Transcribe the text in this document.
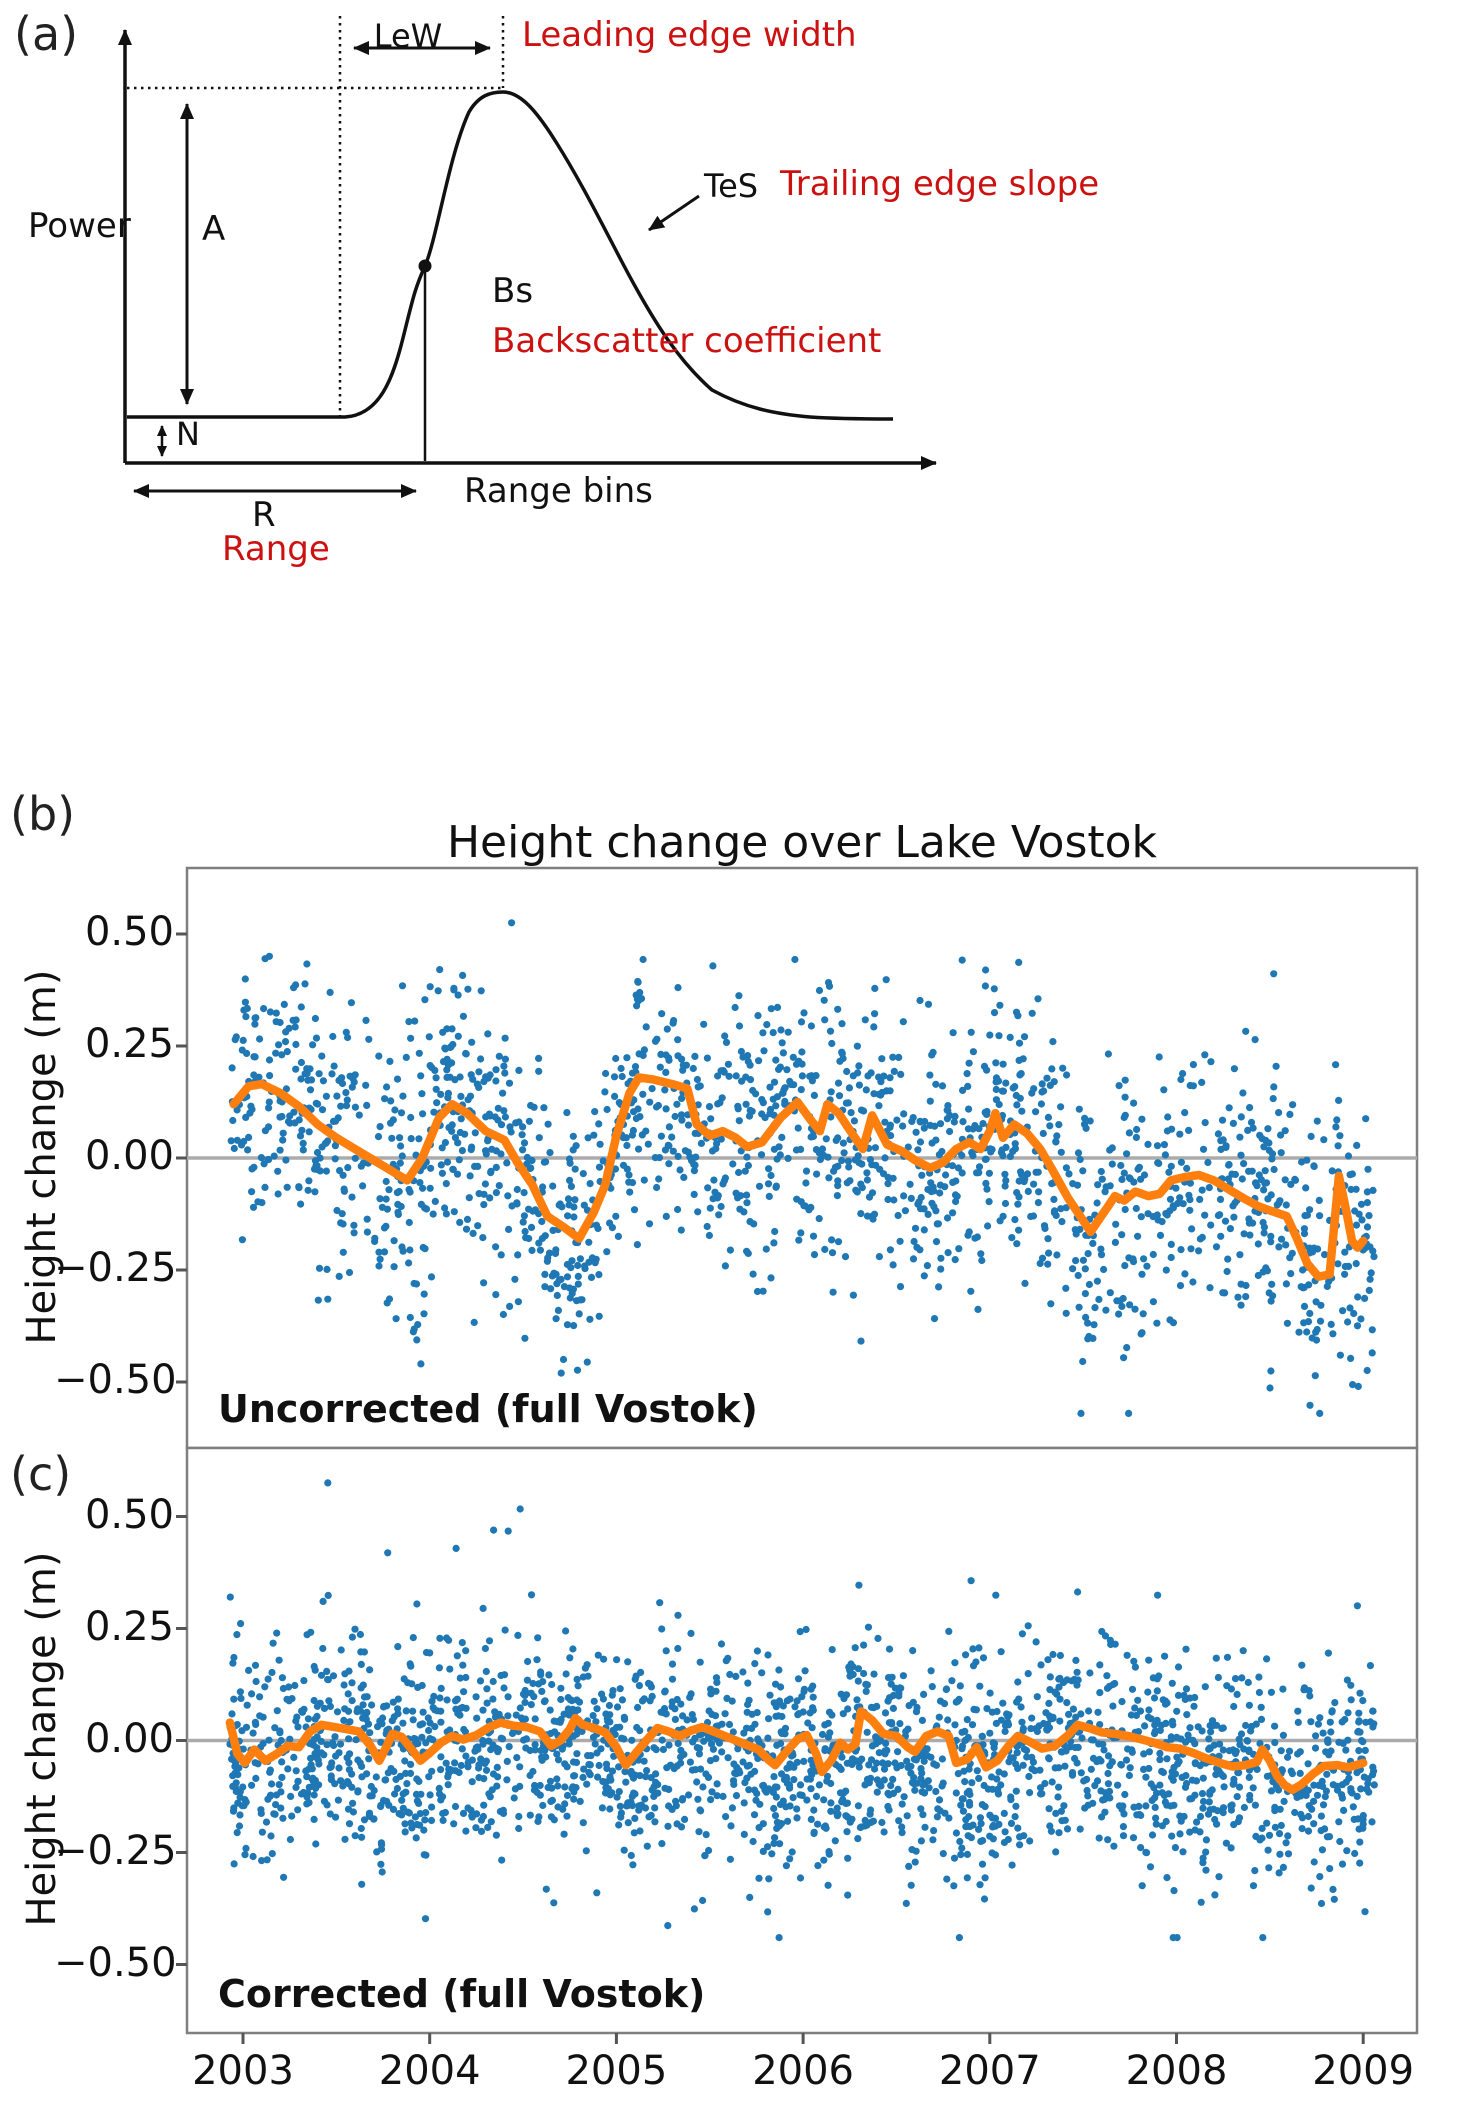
(a)
Power
LeW	Leading edge width
A
TeS Trailing edge slope
Bs
Backscatter coefficient
N
Range bins
R
Range
(b)
(c)
Height change over Lake Vostok
Height change (m)
Height change (m)
Uncorrected (full Vostok)
Corrected (full Vostok)
0.50
0.50
0.25
0.25
0.00
0.00
−0.25
−0.25
−0.50
−0.50
2003	2004	2005	2006	2007	2008	2009
